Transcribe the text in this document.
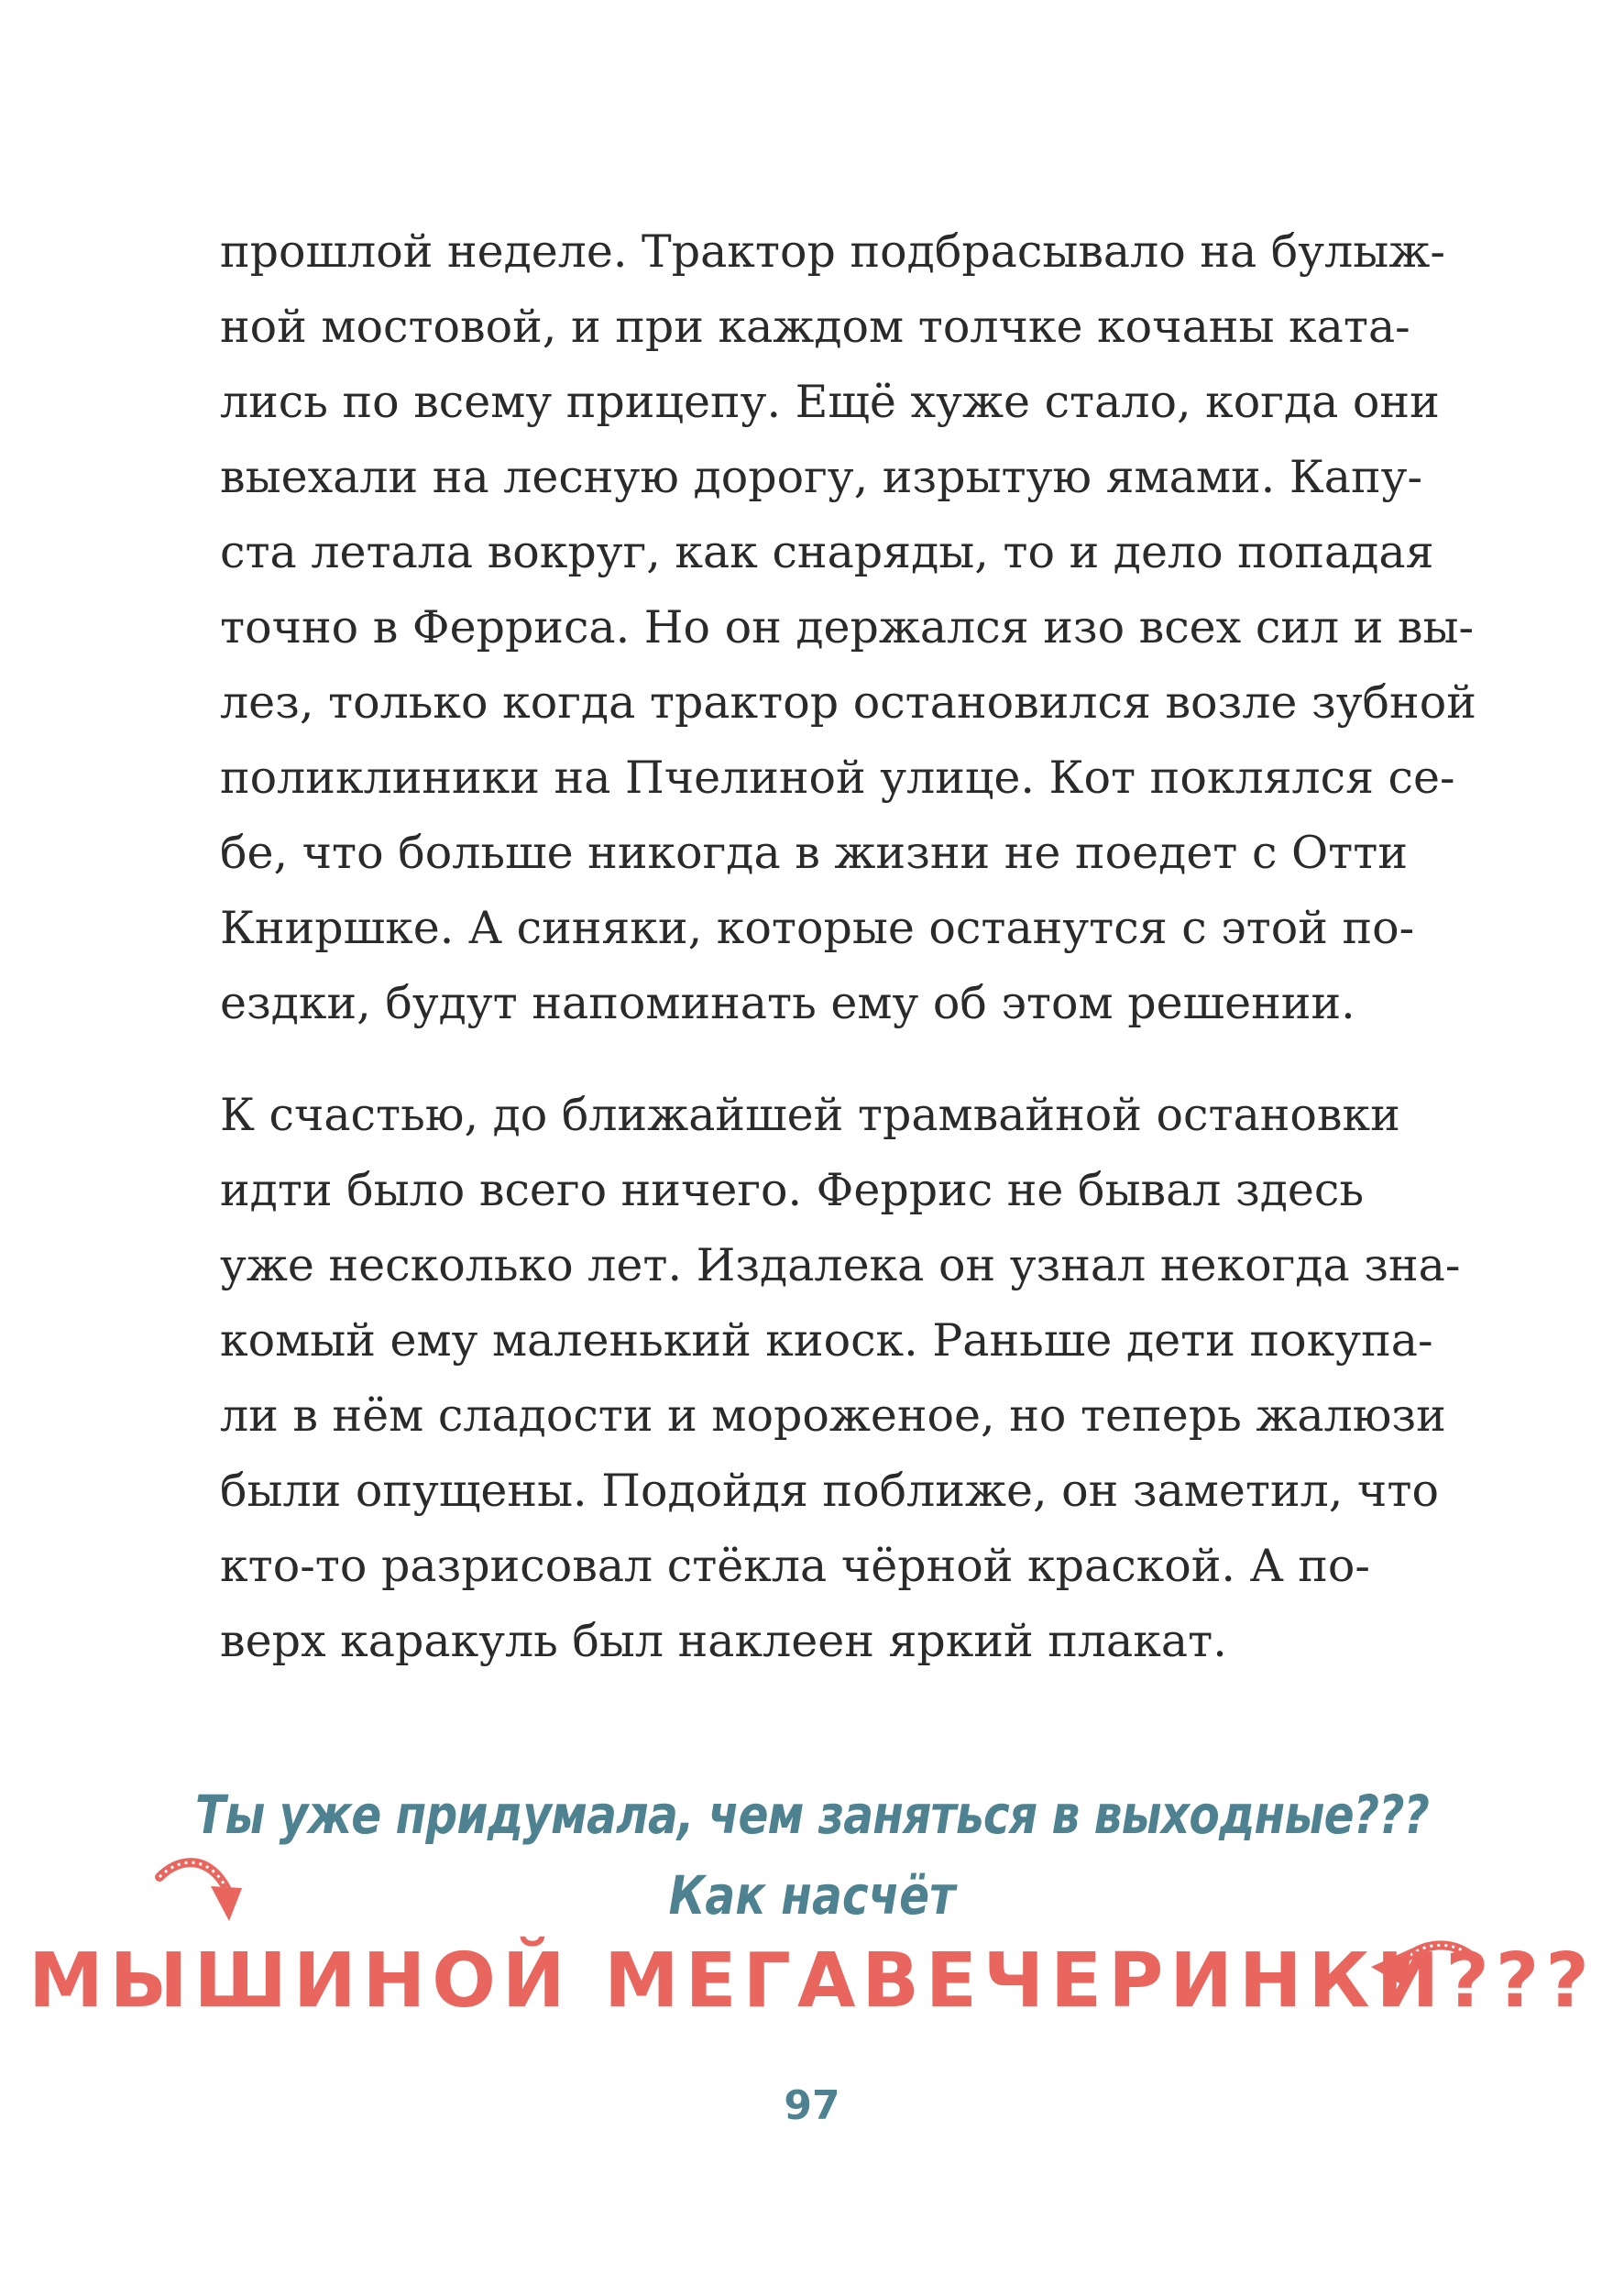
прошлой неделе. Трактор подбрасывало на булыж-
ной мостовой, и при каждом толчке кочаны ката-
лись по всему прицепу. Ещё хуже стало, когда они
выехали на лесную дорогу, изрытую ямами. Капу-
ста летала вокруг, как снаряды, то и дело попадая
точно в Ферриса. Но он держался изо всех сил и вы-
лез, только когда трактор остановился возле зубной
поликлиники на Пчелиной улице. Кот поклялся се-
бе, что больше никогда в жизни не поедет с Отти
Книршке. А синяки, которые останутся с этой по-
ездки, будут напоминать ему об этом решении.
К счастью, до ближайшей трамвайной остановки
идти было всего ничего. Феррис не бывал здесь
уже несколько лет. Издалека он узнал некогда зна-
комый ему маленький киоск. Раньше дети покупа-
ли в нём сладости и мороженое, но теперь жалюзи
были опущены. Подойдя поближе, он заметил, что
кто-то разрисовал стёкла чёрной краской. А по-
верх каракуль был наклеен яркий плакат.
Ты уже придумала, чем заняться в выходные???
Как насчёт
МЫШИНОЙ МЕГАВЕЧЕРИНКИ???
97
